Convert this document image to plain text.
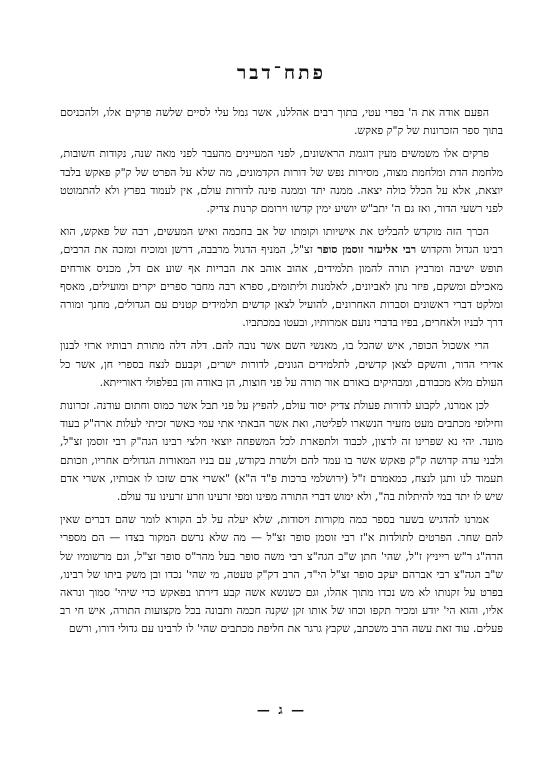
פתח־דבר

הפעם אודה את ה' בפרי עטי, בתוך רבים אהללנו, אשר גמל עלי לסיים שלשה פרקים אלו, ולהכניסם בתוך ספר הזכרונות של ק"ק פאקש.

פרקים אלו משמשים מעין דוגמת הראשונים, לפני המעיינים מהעבר לפני מאה שנה, נקודות חשובות, מלחמת הדת ומלחמת מצוה, מסירות נפש של דורות הקדמונים, מה שלא על הפרט של ק"ק פאקש בלבד יוצאת, אלא על הכלל כולה יצאה. ממנה יתד וממנה פינה לדורות עולם, אין לעמוד בפרץ ולא להתמוטט לפני רשעי הדור, ואז גם ה' יתב"ש יושיע ימין קדשו וירומם קרנות צדיק.

הכרך הזה מוקדש להבליט את אישיותו וקומתו של אב בחכמה ואיש המעשים, רבה של פאקש, הוא רבינו הגדול והקדוש רבי אליעזר זוסמן סופר זצ"ל, המניף הדגול מרבבה, דרשן ומוכיח ומזכה את הרבים, תופש ישיבה ומרביץ תורה להמון תלמידים, אהוב אוהב את הבריות אף שוע אם דל, מכניס אורחים מאכילם ומשקם, פיזר נתן לאביונים, לאלמנות וליתומים, ספרא רבה מחבר ספרים יקרים ומועילים, מאסף ומלקט דברי ראשונים וסברות האחרונים, להועיל לצאן קדשים תלמידים קטנים עם הגדולים, מחנך ומורה דרך לבניו ולאחרים, בפיו בדברי נועם אמרותיו, ובעטו במכתביו.

הרי אשכול הכופר, איש שהכל בו, מאנשי השם אשר נובה להם. דלה דלה מתורת רבותיו ארזי לבנון אדירי הדור, והשקם לצאן קדשים, לתלמידים הגונים, לדורות ישרים, וקבעם לנצח בספרי חן, אשר כל העולם מלא מכבודם, ומבהיקים באורם אור תורה על פני חוצות, הן באודה והן בפלפולי דאורייתא.

לכן אמרנו, לקבוע לדורות פעולת צדיק יסוד עולם, להפיץ על פני תבל אשר כמוס וחתום עודנה. זכרונות וחילופי מכתבים מעט מזעיר הנשארו לפליטה, ואת אשר הבאתי אתי עמי כאשר זכיתי לעלות ארה"ק בעוד מועד. יהי נא שפרינו זה לרצון, לכבוד ולתפארת לכל המשפחה יוצאי חלצי רבינו הגה"ק רבי זוסמן זצ"ל, ולבני עדה קדושה ק"ק פאקש אשר בו עמד להם ולשרת בקודש, עם בניו המאורות הגדולים אחריו, וזכותם תעמוד לנו ותגן לנצח, כמאמרם ז"ל (ירושלמי ברכות פ"ד ה"א) "אשרי אדם שזכו לו אבותיו, אשרי אדם שיש לו יתד במי להיתלות בה", ולא ימוש דברי התורה מפינו ומפי זרעינו וזרע זרעינו עד עולם.

אמרנו להדגיש בשער בספר כמה מקורות ויסודות, שלא יעלה על לב הקורא לומר שהם דברים שאין להם שחר. הפרטים לתולדות א"ז רבי זוסמן סופר זצ"ל — מה שלא נרשם המקור בצדו — הם מספרי הרה"ג ר"ש רייניץ ז"ל, שהי' חתן ש"ב הגה"צ רבי משה סופר בעל מהר"ס סופר זצ"ל, וגם מרשומיו של ש"ב הגה"צ רבי אברהם יעקב סופר זצ"ל הי"ד, הרב דק"ק טעטה, מי שהי' נכדו ובן משק ביתו של רבינו, בפרט על זקנותו לא מש נכדו מתוך אהלו, וגם כשנשא אשה קבע דירתו בפאקש כדי שיהי' סמוך ונראה אליו, והוא הי' יודע ומכיר תקפו וכחו של אותו זקן שקנה חכמה ותבונה בכל מקצועות התורה, איש חי רב פעלים. עוד זאת עשה הרב משכתב, שקבץ גרגר את חליפת מכתבים שהי' לו לרבינו עם גדולי דורו, ורשם

— ג —
